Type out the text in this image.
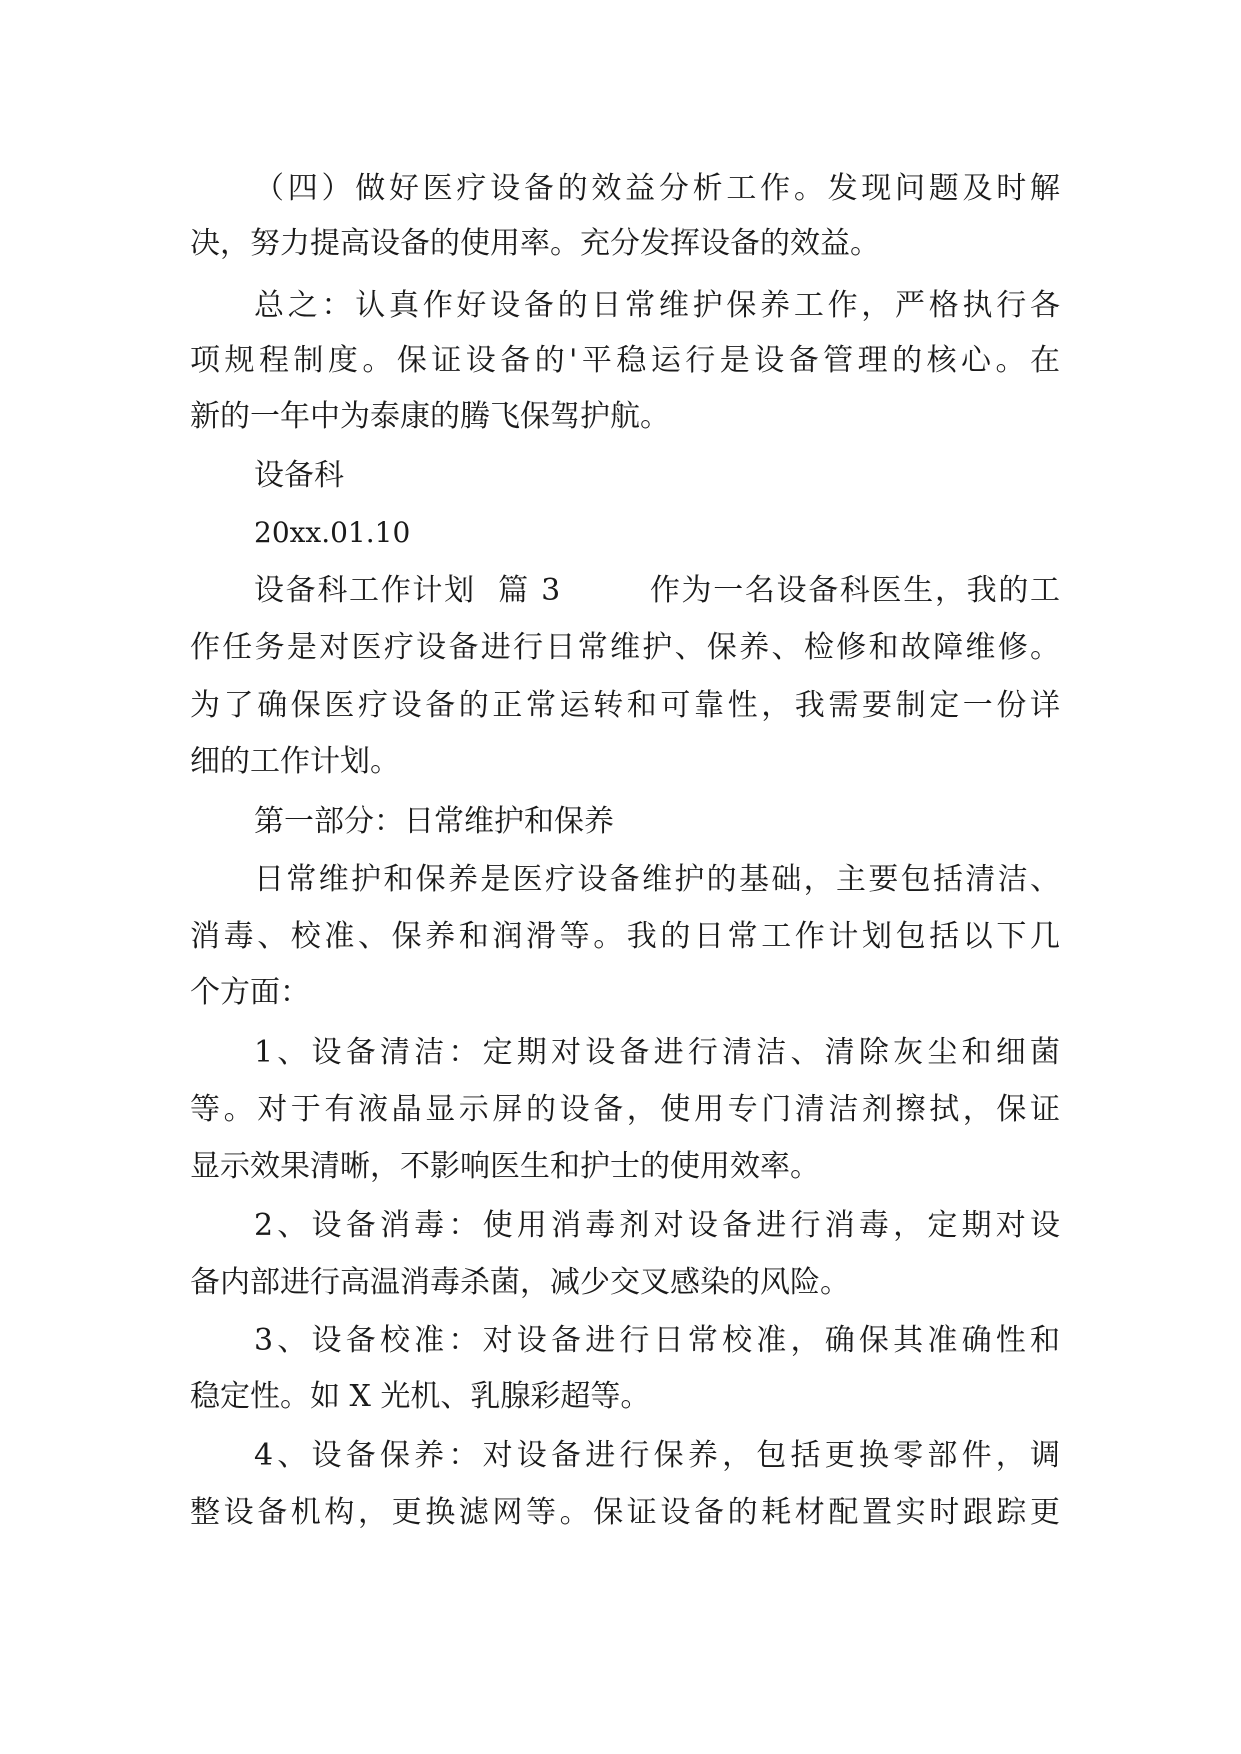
（四）做好医疗设备的效益分析工作。发现问题及时解
决，努力提高设备的使用率。充分发挥设备的效益。
总之：认真作好设备的日常维护保养工作，严格执行各
项规程制度。保证设备的'平稳运行是设备管理的核心。在
新的一年中为泰康的腾飞保驾护航。
设备科
20xx.01.10
设备科工作计划  篇 3        作为一名设备科医生，我的工
作任务是对医疗设备进行日常维护、保养、检修和故障维修。
为了确保医疗设备的正常运转和可靠性，我需要制定一份详
细的工作计划。
第一部分：日常维护和保养
日常维护和保养是医疗设备维护的基础，主要包括清洁、
消毒、校准、保养和润滑等。我的日常工作计划包括以下几
个方面：
1、设备清洁：定期对设备进行清洁、清除灰尘和细菌
等。对于有液晶显示屏的设备，使用专门清洁剂擦拭，保证
显示效果清晰，不影响医生和护士的使用效率。
2、设备消毒：使用消毒剂对设备进行消毒，定期对设
备内部进行高温消毒杀菌，减少交叉感染的风险。
3、设备校准：对设备进行日常校准，确保其准确性和
稳定性。如 X 光机、乳腺彩超等。
4、设备保养：对设备进行保养，包括更换零部件，调
整设备机构，更换滤网等。保证设备的耗材配置实时跟踪更
